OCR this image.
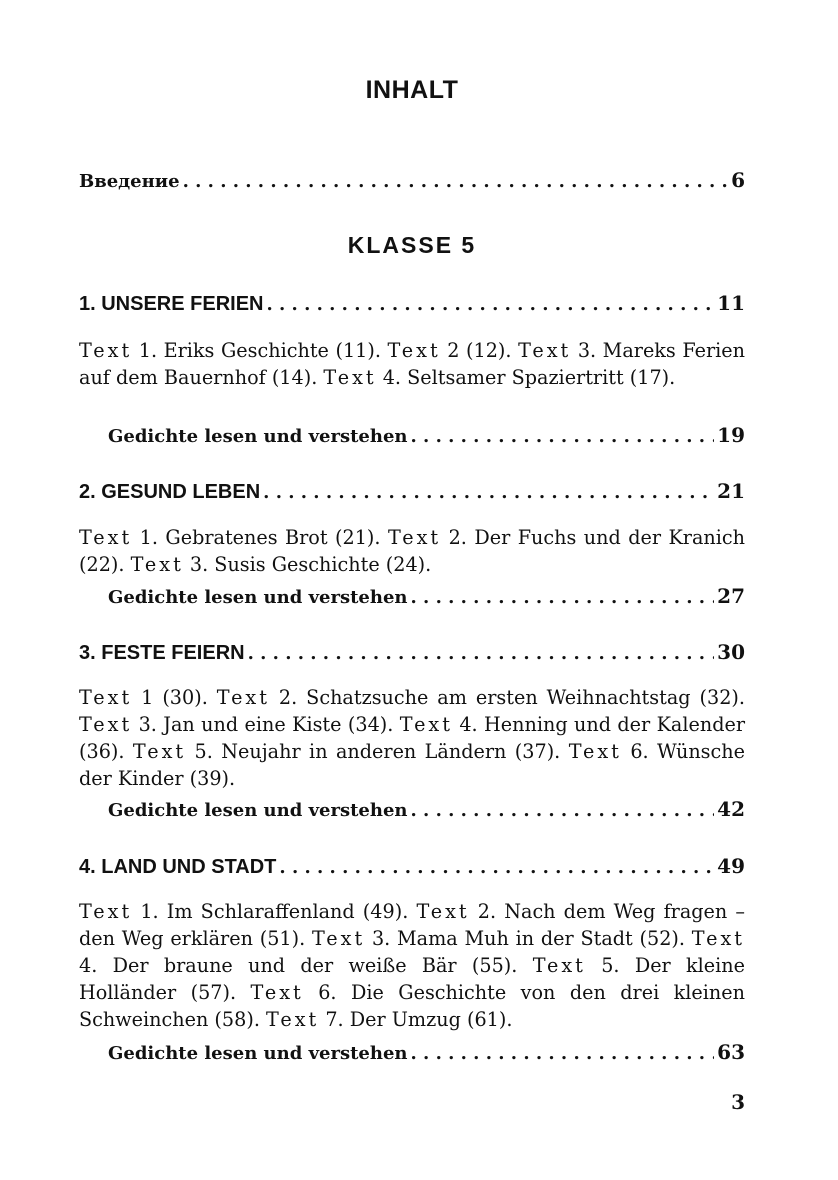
INHALT
Введение . . .	6
KLASSE 5
1. UNSERE FERIEN . . .	11

Text 1. Eriks Geschichte (11). Text 2 (12). Text 3. Mareks Ferien auf dem Bauernhof (14). Text 4. Seltsamer Spaziertritt (17).

Gedichte lesen und verstehen . . .	19
2. GESUND LEBEN . . .	21

Text 1. Gebratenes Brot (21). Text 2. Der Fuchs und der Kranich (22). Text 3. Susis Geschichte (24).

Gedichte lesen und verstehen . . .	27
3. FESTE FEIERN . . .	30

Text 1 (30). Text 2. Schatzsuche am ersten Weihnachtstag (32). Text 3. Jan und eine Kiste (34). Text 4. Henning und der Kalender (36). Text 5. Neujahr in anderen Ländern (37). Text 6. Wünsche der Kinder (39).

Gedichte lesen und verstehen . . .	42
4. LAND UND STADT . . .	49

Text 1. Im Schlaraffenland (49). Text 2. Nach dem Weg fragen – den Weg erklären (51). Text 3. Mama Muh in der Stadt (52). Text 4. Der braune und der weiße Bär (55). Text 5. Der kleine Holländer (57). Text 6. Die Geschichte von den drei kleinen Schweinchen (58). Text 7. Der Umzug (61).

Gedichte lesen und verstehen . . .	63

3
